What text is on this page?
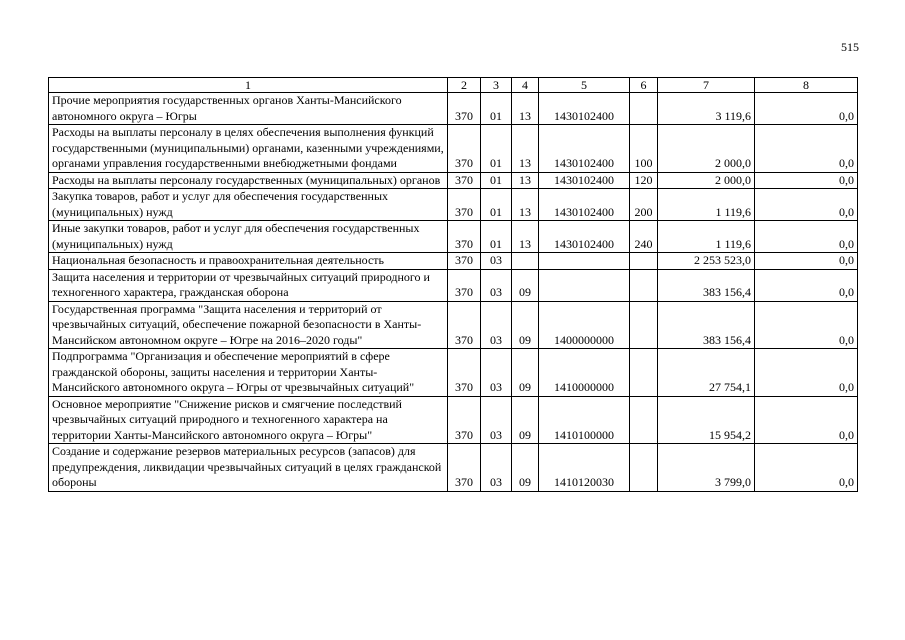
515
1	2	3	4	5	6	7	8
Прочие мероприятия государственных органов Ханты-Мансийского автономного округа – Югры	370	01	13	1430102400		3 119,6	0,0
Расходы на выплаты персоналу в целях обеспечения выполнения функций государственными (муниципальными) органами, казенными учреждениями, органами управления государственными внебюджетными фондами	370	01	13	1430102400	100	2 000,0	0,0
Расходы на выплаты персоналу государственных (муниципальных) органов	370	01	13	1430102400	120	2 000,0	0,0
Закупка товаров, работ и услуг для обеспечения государственных (муниципальных) нужд	370	01	13	1430102400	200	1 119,6	0,0
Иные закупки товаров, работ и услуг для обеспечения государственных (муниципальных) нужд	370	01	13	1430102400	240	1 119,6	0,0
Национальная безопасность и правоохранительная деятельность	370	03				2 253 523,0	0,0
Защита населения и территории от чрезвычайных ситуаций природного и техногенного характера, гражданская оборона	370	03	09			383 156,4	0,0
Государственная программа "Защита населения и территорий от чрезвычайных ситуаций, обеспечение пожарной безопасности в Ханты-Мансийском автономном округе – Югре на 2016–2020 годы"	370	03	09	1400000000		383 156,4	0,0
Подпрограмма "Организация и обеспечение мероприятий в сфере гражданской обороны, защиты населения и территории Ханты-Мансийского автономного округа – Югры от чрезвычайных ситуаций"	370	03	09	1410000000		27 754,1	0,0
Основное мероприятие "Снижение рисков и смягчение последствий чрезвычайных ситуаций природного и техногенного характера на территории Ханты-Мансийского автономного округа – Югры"	370	03	09	1410100000		15 954,2	0,0
Создание и содержание резервов материальных ресурсов (запасов) для предупреждения, ликвидации чрезвычайных ситуаций в целях гражданской обороны	370	03	09	1410120030		3 799,0	0,0
